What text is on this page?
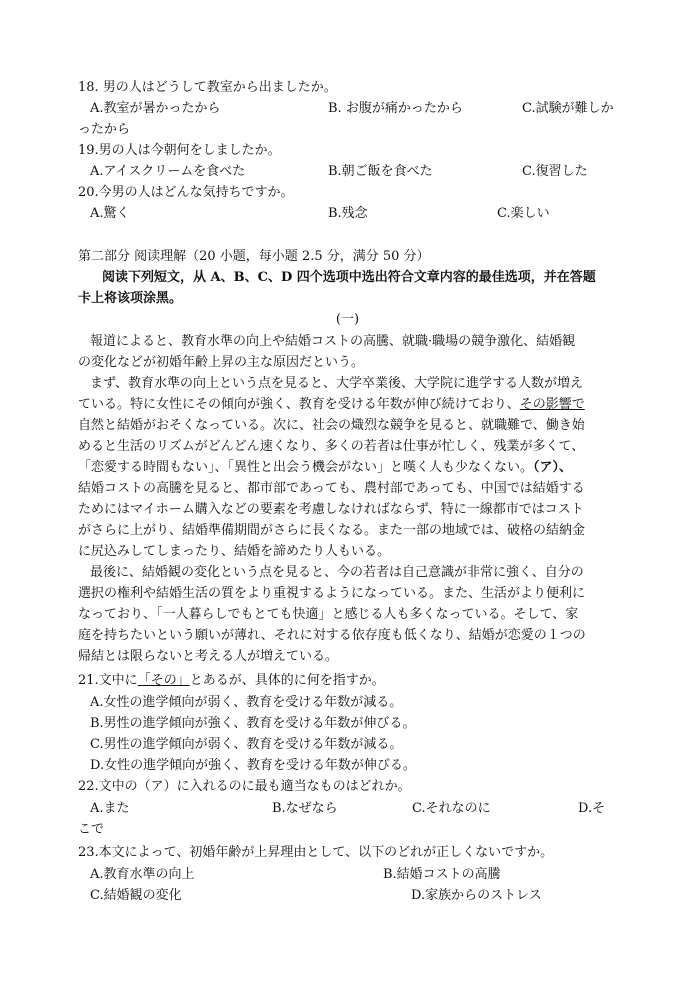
18. 男の人はどうして教室から出ましたか。
A.教室が暑かったから	B. お腹が痛かったから	C.試験が難しか
ったから
19.男の人は今朝何をしましたか。
A.アイスクリームを食べた	B.朝ご飯を食べた	C.復習した
20.今男の人はどんな気持ちですか。
A.驚く	B.残念	C.楽しい
第二部分 阅读理解（20 小题，每小题 2.5 分，满分 50 分）
阅读下列短文，从 A、B、C、D 四个选项中选出符合文章内容的最佳选项，并在答题
卡上将该项涂黑。
(一)
報道によると、教育水準の向上や結婚コストの高騰、就職·職場の競争激化、結婚観
の変化などが初婚年齢上昇の主な原因だという。
まず、教育水準の向上という点を見ると、大学卒業後、大学院に進学する人数が増え
ている。特に女性にその傾向が強く、教育を受ける年数が伸び続けており、その影響で
自然と結婚がおそくなっている。次に、社会の熾烈な競争を見ると、就職難で、働き始
めると生活のリズムがどんどん速くなり、多くの若者は仕事が忙しく、残業が多くて、
「恋愛する時間もない」、「異性と出会う機会がない」と嘆く人も少なくない。（ア）、
結婚コストの高騰を見ると、都市部であっても、農村部であっても、中国では結婚する
ためにはマイホーム購入などの要素を考慮しなければならず、特に一線都市ではコスト
がさらに上がり、結婚準備期間がさらに長くなる。また一部の地域では、破格の結納金
に尻込みしてしまったり、結婚を諦めたり人もいる。
最後に、結婚観の変化という点を見ると、今の若者は自己意識が非常に強く、自分の
選択の権利や結婚生活の質をより重視するようになっている。また、生活がより便利に
なっており、「一人暮らしでもとても快適」と感じる人も多くなっている。そして、家
庭を持ちたいという願いが薄れ、それに対する依存度も低くなり、結婚が恋愛の１つの
帰結とは限らないと考える人が増えている。
21.文中に「その」とあるが、具体的に何を指すか。
A.女性の進学傾向が弱く、教育を受ける年数が減る。
B.男性の進学傾向が強く、教育を受ける年数が伸びる。
C.男性の進学傾向が弱く、教育を受ける年数が減る。
D.女性の進学傾向が強く、教育を受ける年数が伸びる。
22.文中の（ア）に入れるのに最も適当なものはどれか。
A.また	B.なぜなら	C.それなのに	D.そ
こで
23.本文によって、初婚年齢が上昇理由として、以下のどれが正しくないですか。
A.教育水準の向上	B.結婚コストの高騰
C.結婚観の変化	D.家族からのストレス
